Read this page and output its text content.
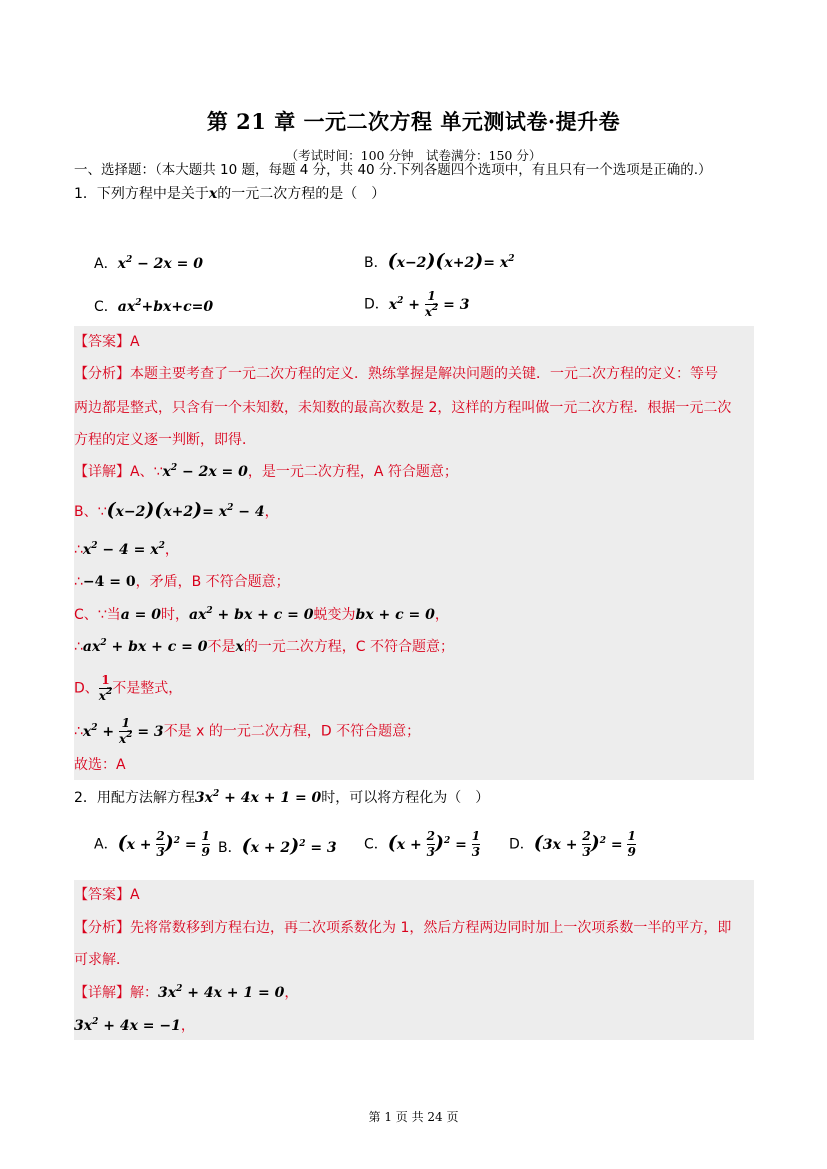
第 21 章 一元二次方程 单元测试卷·提升卷
（考试时间：100 分钟　试卷满分：150 分）
一、选择题：（本大题共 10 题，每题 4 分，共 40 分.下列各题四个选项中，有且只有一个选项是正确的.）
1．下列方程中是关于x的一元二次方程的是（　）
A．$x^2 - 2x = 0$	B．$(x-2)(x+2)= x^2$
C．$ax^2+bx+c=0$	D．$x^2 + \frac{1}{x^2} = 3$
【答案】A
【分析】本题主要考查了一元二次方程的定义．熟练掌握是解决问题的关键．一元二次方程的定义：等号
两边都是整式，只含有一个未知数，未知数的最高次数是 2，这样的方程叫做一元二次方程．根据一元二次
方程的定义逐一判断，即得．
【详解】A、$\because x^2 - 2x = 0$，是一元二次方程，A 符合题意；
B、∵(x−2)(x+2)= $x^2 - 4$，
$\therefore x^2 - 4 = x^2$，
∴−4 = 0，矛盾，B 不符合题意；
C、∵当a = 0时，$ax^2$ + bx + c = 0蜕变为bx + c = 0，
$\therefore ax^2$ + bx + c = 0不是x的一元二次方程，C 不符合题意；
D、 $\frac{1}{x^2}$ 不是整式，
$\therefore x^2 + \frac{1}{x^2} = 3$不是 x 的一元二次方程，D 不符合题意；
故选：A
2．用配方法解方程$3x^2 + 4x + 1 = 0$时，可以将方程化为（　）
A．$(x + \frac{2}{3} )^2 = \frac{1}{9}$ B．$(x + 2)^2 = 3$ C．$(x + \frac{2}{3} )^2 = \frac{1}{3}$ D．$(3x + \frac{2}{3} )^2 = \frac{1}{9}$
【答案】A
【分析】先将常数移到方程右边，再二次项系数化为 1，然后方程两边同时加上一次项系数一半的平方，即
可求解．
【详解】解：$3x^2 + 4x + 1 = 0$，
$3x^2 + 4x = -1$，
第 1 页 共 24 页
